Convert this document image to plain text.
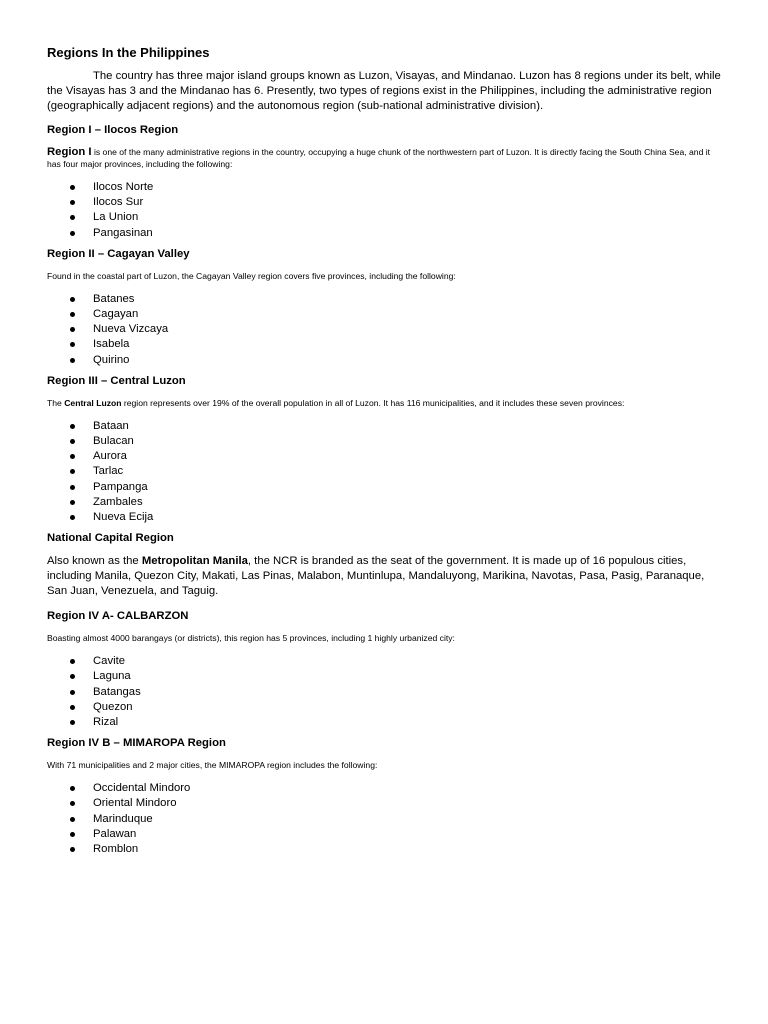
Regions In the Philippines

The country has three major island groups known as Luzon, Visayas, and Mindanao. Luzon has 8 regions under its belt, while the Visayas has 3 and the Mindanao has 6. Presently, two types of regions exist in the Philippines, including the administrative region (geographically adjacent regions) and the autonomous region (sub-national administrative division).

Region I – Ilocos Region

Region I is one of the many administrative regions in the country, occupying a huge chunk of the northwestern part of Luzon. It is directly facing the South China Sea, and it has four major provinces, including the following:

Ilocos Norte
Ilocos Sur
La Union
Pangasinan
Region II – Cagayan Valley

Found in the coastal part of Luzon, the Cagayan Valley region covers five provinces, including the following:

Batanes
Cagayan
Nueva Vizcaya
Isabela
Quirino
Region III – Central Luzon

The Central Luzon region represents over 19% of the overall population in all of Luzon. It has 116 municipalities, and it includes these seven provinces:

Bataan
Bulacan
Aurora
Tarlac
Pampanga
Zambales
Nueva Ecija
National Capital Region

Also known as the Metropolitan Manila, the NCR is branded as the seat of the government. It is made up of 16 populous cities, including Manila, Quezon City, Makati, Las Pinas, Malabon, Muntinlupa, Mandaluyong, Marikina, Navotas, Pasa, Pasig, Paranaque, San Juan, Venezuela, and Taguig.

Region IV A- CALBARZON

Boasting almost 4000 barangays (or districts), this region has 5 provinces, including 1 highly urbanized city:

Cavite
Laguna
Batangas
Quezon
Rizal
Region IV B – MIMAROPA Region

With 71 municipalities and 2 major cities, the MIMAROPA region includes the following:

Occidental Mindoro
Oriental Mindoro
Marinduque
Palawan
Romblon
